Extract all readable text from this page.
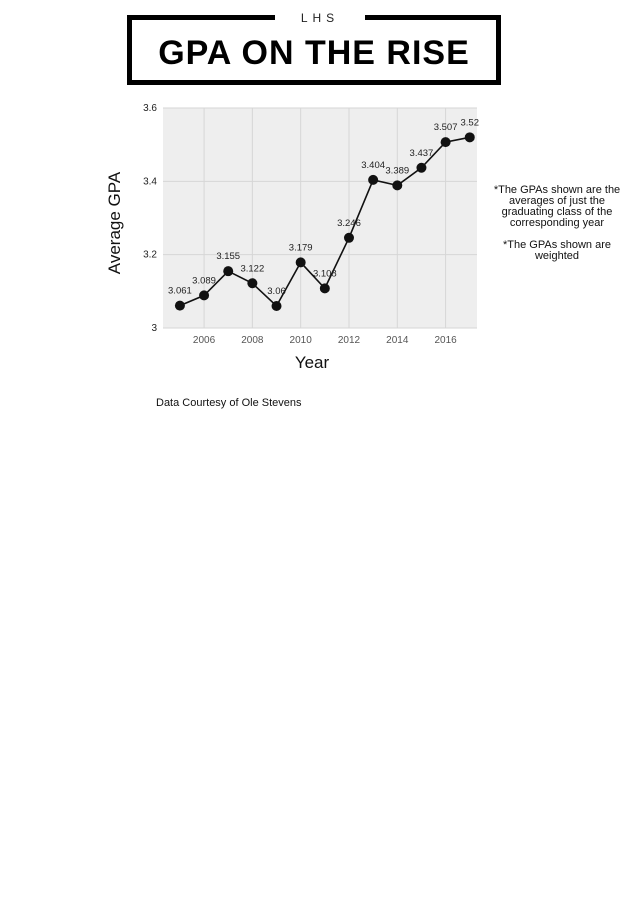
LHS
GPA ON THE RISE
3
3.2
3.4
3.6
2006	2008	2010	2012	2014	2016
3.061
3.089
3.155
3.122
3.06
3.179
3.108
3.246
3.404 3.389
3.437
3.507 3.52
Year
Average GPA	*The GPAs shown are the averages of just the graduating class of the corresponding year
*The GPAs shown are weighted
Data Courtesy of Ole Stevens
